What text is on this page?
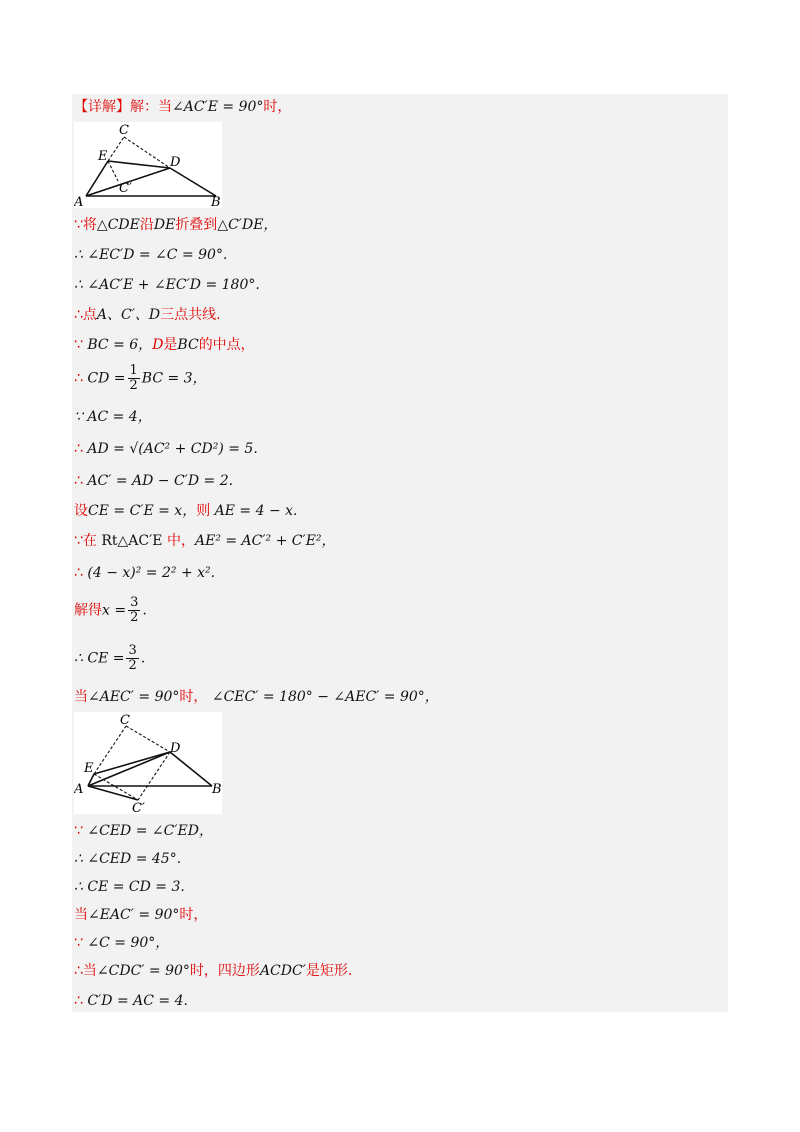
【详解】解：当∠AC′E = 90°时，
A	B
C
D
E
C′
∵将△CDE沿DE折叠到△C′DE，
∴ ∠EC′D = ∠C = 90°.
∴ ∠AC′E + ∠EC′D = 180°.
∴点A、C′、D三点共线.
∵ BC = 6，D是BC的中点，
∴ CD = $\frac{1}{2}$ BC = 3，
∵ AC = 4，
∴ AD = √(AC² + CD²) = 5.
∴ AC′ = AD − C′D = 2.
设CE = C′E = x，则 AE = 4 − x.
∵在 Rt△AC′E 中，AE² = AC′² + C′E²，
∴ (4 − x)² = 2² + x².
解得$x = \frac{3}{2}$ .
∴ CE = $\frac{3}{2}$ .
当∠AEC′ = 90°时， ∠CEC′ = 180° − ∠AEC′ = 90°，
A	B
C
D
E
C′
∵ ∠CED = ∠C′ED，
∴ ∠CED = 45°.
∴ CE = CD = 3.
当∠EAC′ = 90°时，
∵ ∠C = 90°，
∴当∠CDC′ = 90°时，四边形ACDC′是矩形.
∴ C′D = AC = 4.
